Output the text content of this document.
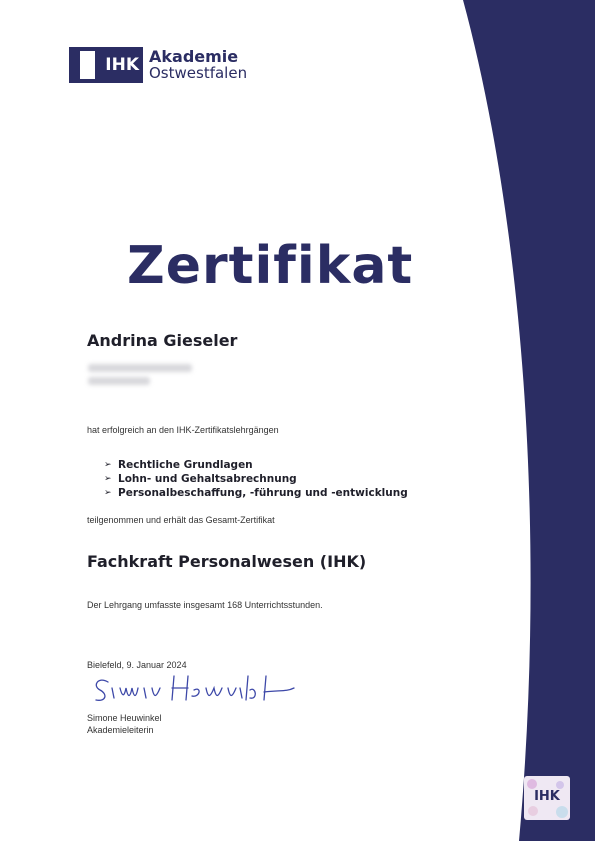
IHK Akademie
Ostwestfalen
Zertifikat
Andrina Gieseler
hat erfolgreich an den IHK-Zertifikatslehrgängen
➢ Rechtliche Grundlagen
➢ Lohn- und Gehaltsabrechnung
➢ Personalbeschaffung, -führung und -entwicklung
teilgenommen und erhält das Gesamt-Zertifikat
Fachkraft Personalwesen (IHK)
Der Lehrgang umfasste insgesamt 168 Unterrichtsstunden.
Bielefeld, 9. Januar 2024
Simone Heuwinkel
Akademieleiterin
IHK
